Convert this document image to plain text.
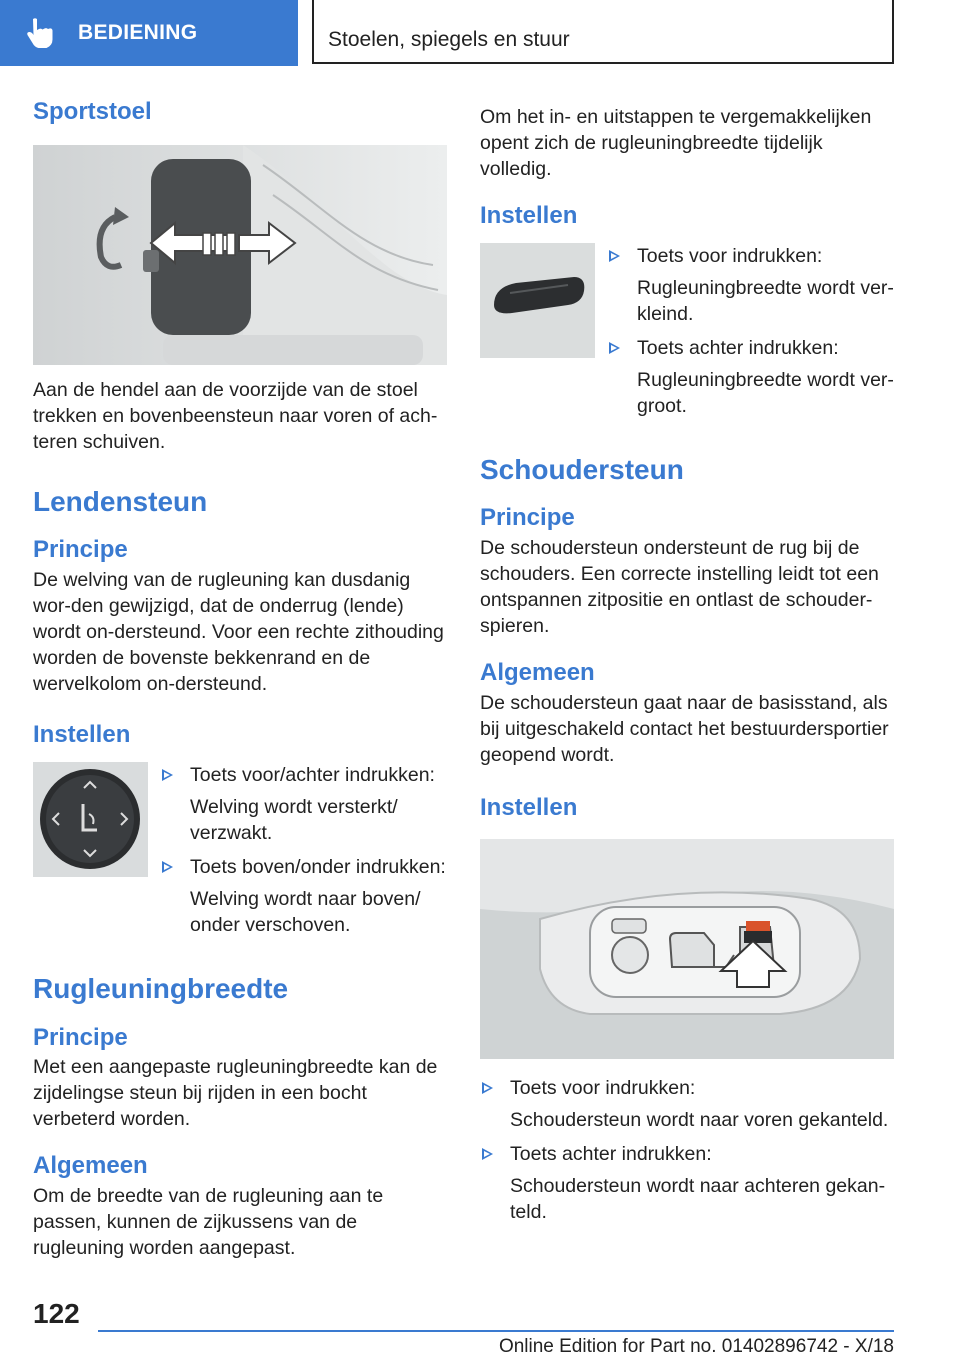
BEDIENING	Stoelen, spiegels en stuur
Sportstoel

Aan de hendel aan de voorzijde van de stoel trekken en bovenbeensteun naar voren of ach-teren schuiven.

Lendensteun
Principe

De welving van de rugleuning kan dusdanig wor-den gewijzigd, dat de onderrug (lende) wordt on-dersteund. Voor een rechte zithouding worden de bovenste bekkenrand en de wervelkolom on-dersteund.

Instellen
Toets voor/achter indrukken:
Welving wordt versterkt/ verzwakt.
Toets boven/onder indrukken:
Welving wordt naar boven/ onder verschoven.
Rugleuningbreedte
Principe

Met een aangepaste rugleuningbreedte kan de zijdelingse steun bij rijden in een bocht verbeterd worden.

Algemeen

Om de breedte van de rugleuning aan te passen, kunnen de zijkussens van de rugleuning worden aangepast.

Om het in- en uitstappen te vergemakkelijken opent zich de rugleuningbreedte tijdelijk volledig.

Instellen
Toets voor indrukken:
Rugleuningbreedte wordt ver-kleind.
Toets achter indrukken:
Rugleuningbreedte wordt ver-groot.
Schoudersteun
Principe

De schoudersteun ondersteunt de rug bij de schouders. Een correcte instelling leidt tot een ontspannen zitpositie en ontlast de schouder-spieren.

Algemeen

De schoudersteun gaat naar de basisstand, als bij uitgeschakeld contact het bestuurdersportier geopend wordt.

Instellen
Toets voor indrukken:
Schoudersteun wordt naar voren gekanteld.
Toets achter indrukken:
Schoudersteun wordt naar achteren gekan-teld.
122
Online Edition for Part no. 01402896742 - X/18
